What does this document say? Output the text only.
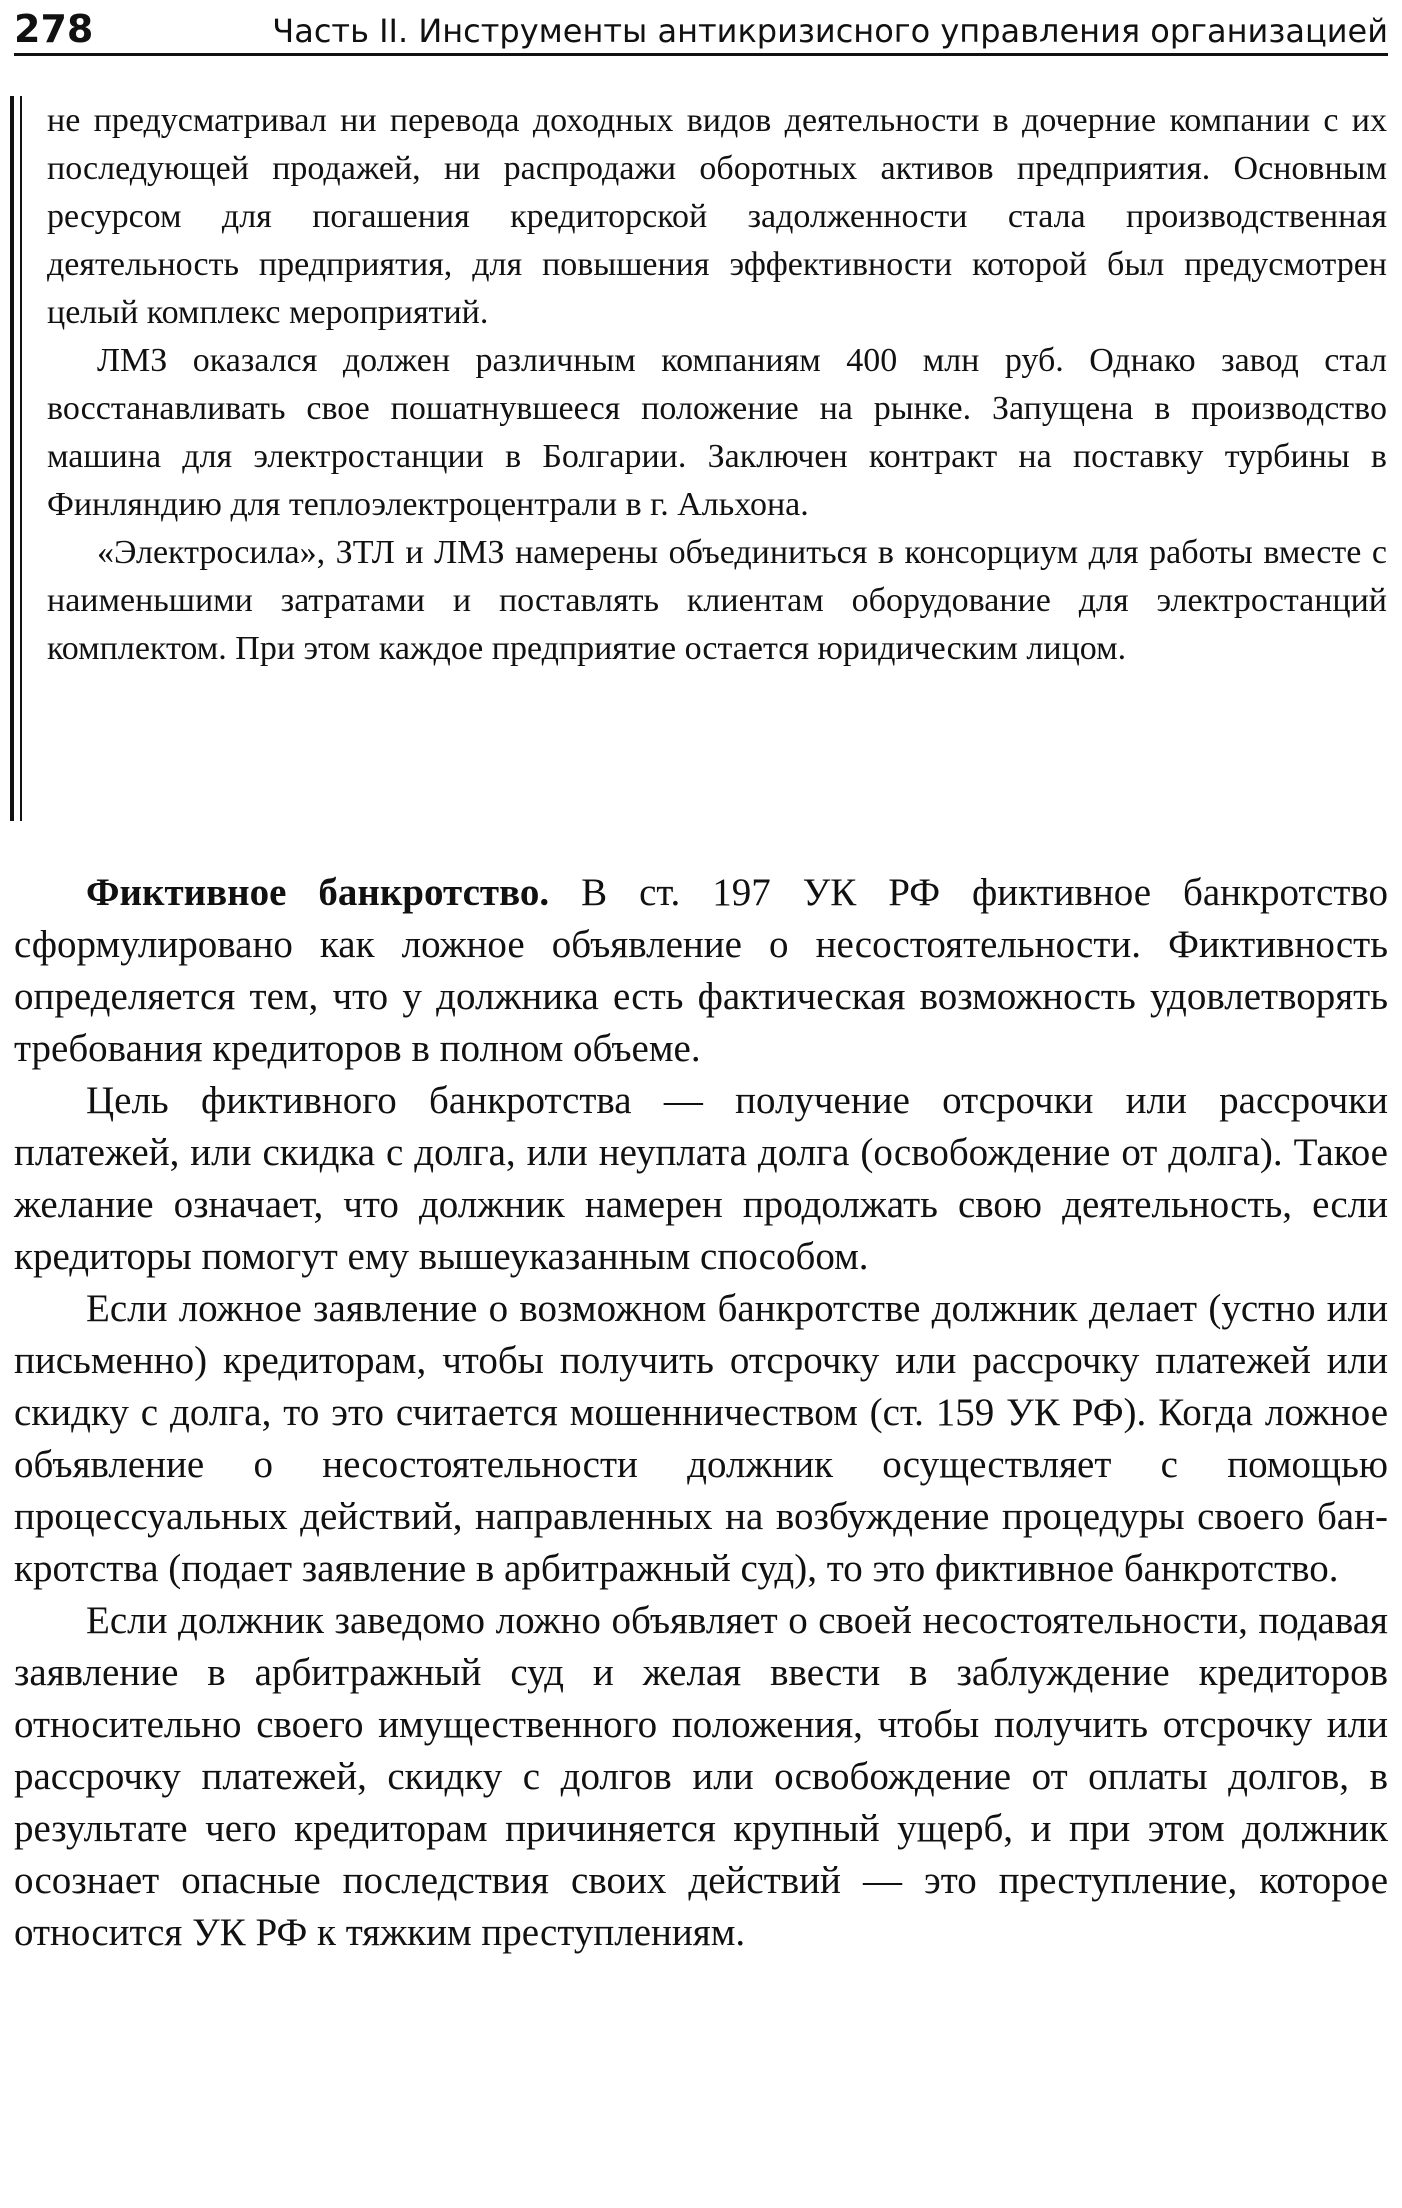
278	Часть II. Инструменты антикризисного управления организацией

не предусматривал ни перевода доходных видов деятельности в дочерние компании с их последующей продажей, ни распродажи оборотных активов предприятия. Основным ресурсом для погашения кредиторской задолженности стала производственная деятельность предприятия, для повышения эффективности которой был предусмотрен целый комплекс мероприятий.

ЛМЗ оказался должен различным компаниям 400 млн руб. Однако завод стал восстанавливать свое пошатнувшееся положение на рынке. Запущена в производство машина для электростанции в Болгарии. Заключен контракт на поставку турбины в Финляндию для теплоэлектроцентрали в г. Альхона.

«Электросила», ЗТЛ и ЛМЗ намерены объединиться в консорциум для работы вместе с наименьшими затратами и поставлять клиентам оборудование для электростанций комплектом. При этом каждое предприятие остается юридическим лицом.

Фиктивное банкротство. В ст. 197 УК РФ фиктивное банкротство сформулировано как ложное объявление о несостоятельности. Фиктивность определяется тем, что у должника есть фактическая возможность удовлетворять требования кредиторов в полном объеме.

Цель фиктивного банкротства — получение отсрочки или рассрочки платежей, или скидка с долга, или неуплата долга (освобождение от долга). Такое желание означает, что должник намерен продолжать свою деятельность, если кредиторы помогут ему вышеуказанным способом.

Если ложное заявление о возможном банкротстве должник делает (устно или письменно) кредиторам, чтобы получить отсрочку или рассрочку платежей или скидку с долга, то это считается мошенничеством (ст. 159 УК РФ). Когда ложное объявление о несостоятельности должник осуществляет с помощью процессуальных действий, направленных на возбуждение процедуры своего банкротства (подает заявление в арбитражный суд), то это фиктивное банкротство.

Если должник заведомо ложно объявляет о своей несостоятельности, подавая заявление в арбитражный суд и желая ввести в заблуждение кредиторов относительно своего имущественного положения, чтобы получить отсрочку или рассрочку платежей, скидку с долгов или освобождение от оплаты долгов, в результате чего кредиторам причиняется крупный ущерб, и при этом должник осознает опасные последствия своих действий — это преступление, которое относится УК РФ к тяжким преступлениям.
